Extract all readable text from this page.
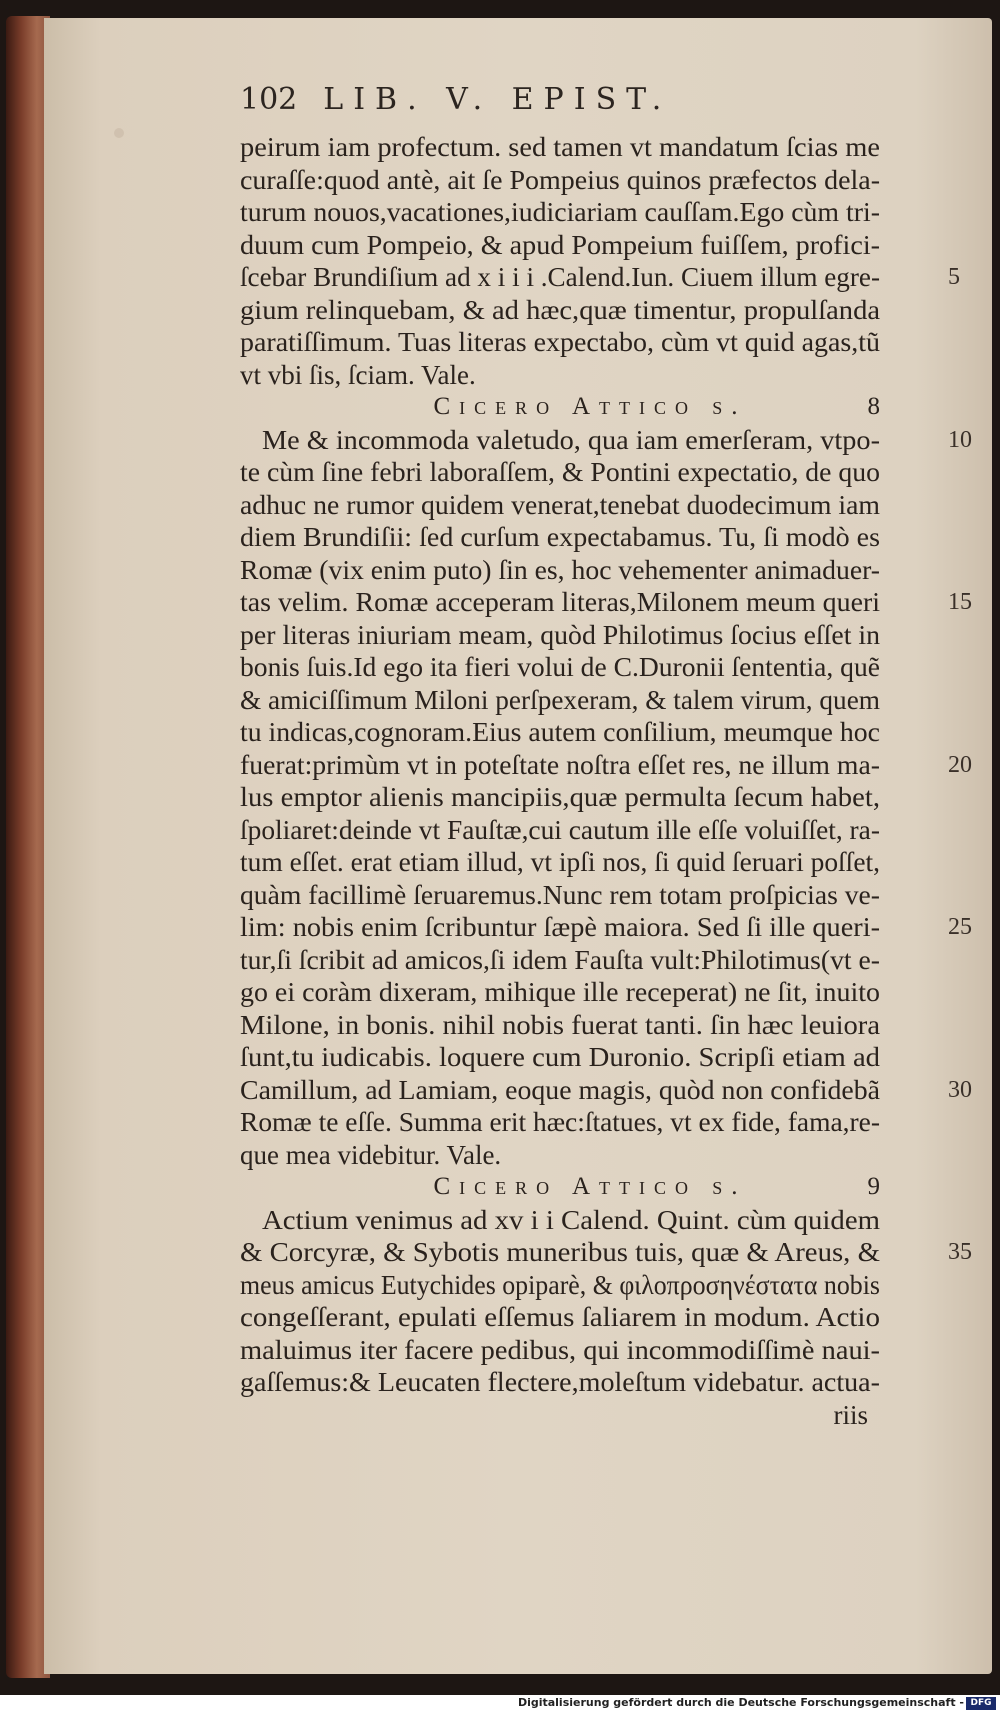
102 LIB. V. EPIST.
peirum iam profectum. sed tamen vt mandatum ſcias me
curaſſe:quod antè, ait ſe Pompeius quinos præfectos dela-
turum nouos,vacationes,iudiciariam cauſſam.Ego cùm tri-
duum cum Pompeio, & apud Pompeium fuiſſem, profici-
ſcebar Brundiſium ad x i i i .Calend.Iun. Ciuem illum egre-	5
gium relinquebam, & ad hæc,quæ timentur, propulſanda
paratiſſimum. Tuas literas expectabo, cùm vt quid agas,tũ
vt vbi ſis, ſciam. Vale.
Cicero Attico s.	8
Me & incommoda valetudo, qua iam emerſeram, vtpo-	10
te cùm ſine febri laboraſſem, & Pontini expectatio, de quo
adhuc ne rumor quidem venerat,tenebat duodecimum iam
diem Brundiſii: ſed curſum expectabamus. Tu, ſi modò es
Romæ (vix enim puto) ſin es, hoc vehementer animaduer-
tas velim. Romæ acceperam literas,Milonem meum queri	15
per literas iniuriam meam, quòd Philotimus ſocius eſſet in
bonis ſuis.Id ego ita fieri volui de C.Duronii ſententia, quẽ
& amiciſſimum Miloni perſpexeram, & talem virum, quem
tu indicas,cognoram.Eius autem conſilium, meumque hoc
fuerat:primùm vt in poteſtate noſtra eſſet res, ne illum ma-	20
lus emptor alienis mancipiis,quæ permulta ſecum habet,
ſpoliaret:deinde vt Fauſtæ,cui cautum ille eſſe voluiſſet, ra-
tum eſſet. erat etiam illud, vt ipſi nos, ſi quid ſeruari poſſet,
quàm facillimè ſeruaremus.Nunc rem totam proſpicias ve-
lim: nobis enim ſcribuntur ſæpè maiora. Sed ſi ille queri-	25
tur,ſi ſcribit ad amicos,ſi idem Fauſta vult:Philotimus(vt e-
go ei coràm dixeram, mihique ille receperat) ne ſit, inuito
Milone, in bonis. nihil nobis fuerat tanti. ſin hæc leuiora
ſunt,tu iudicabis. loquere cum Duronio. Scripſi etiam ad
Camillum, ad Lamiam, eoque magis, quòd non confidebã	30
Romæ te eſſe. Summa erit hæc:ſtatues, vt ex fide, fama,re-
que mea videbitur. Vale.
Cicero Attico s.	9
Actium venimus ad xv i i Calend. Quint. cùm quidem
& Corcyræ, & Sybotis muneribus tuis, quæ & Areus, &	35
meus amicus Eutychides opiparè, & φιλοπροσηνέστατα nobis
congeſſerant, epulati eſſemus ſaliarem in modum. Actio
maluimus iter facere pedibus, qui incommodiſſimè naui-
gaſſemus:& Leucaten flectere,moleſtum videbatur. actua-
riis
Digitalisierung gefördert durch die Deutsche Forschungsgemeinschaft - DFG
